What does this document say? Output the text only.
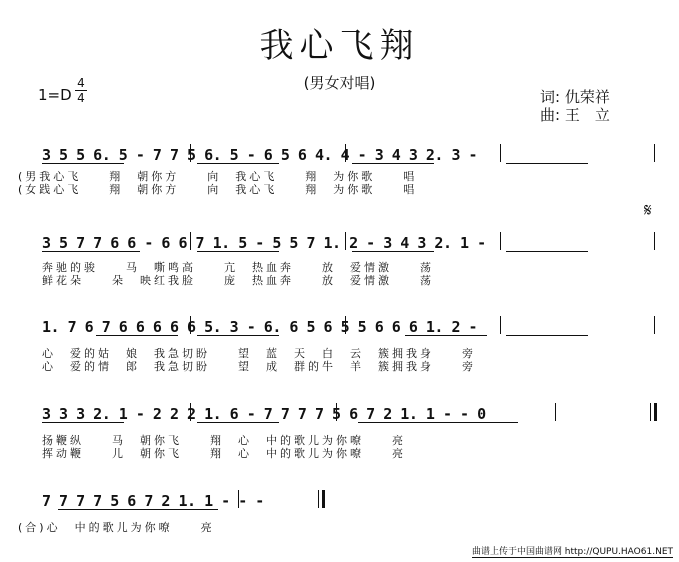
我心飞翔
(男女对唱)
1=D
4
4	词: 仇荣祥
曲: 王　立
3 5 5 6. 5 - 7 7 5 6. 5 - 6 5 6 4. 4 - 3 4 3 2. 3 -
(男我心飞　　翔　朝你方　　向　我心飞　　翔　为你歌　　唱
(女践心飞　　翔　朝你方　　向　我心飞　　翔　为你歌　　唱
𝄋
3 5 7 7 6 6 - 6 6 7 1. 5 - 5 5 7 1. 2 - 3 4 3 2. 1 -
奔驰的骏　　马　嘶鸣高　　亢　热血奔　　放　爱情激　　荡
鲜花朵　　朵　映红我脸　　庞　热血奔　　放　爱情激　　荡
1. 7 6 7 6 6 6 6 6 5. 3 - 6. 6 5 6 5 5 6 6 6 1. 2 -
心　爱的姑　娘　我急切盼　　望　蓝　天　白　云　簇拥我身　　旁
心　爱的情　郎　我急切盼　　望　成　群的牛　羊　簇拥我身　　旁
3 3 3 2. 1 - 2 2 2 1. 6 - 7 7 7 7 5 6 7 2 1. 1 - - 0
扬鞭纵　　马　朝你飞　　翔　心　中的歌儿为你嘹　　亮
挥动鞭　　儿　朝你飞　　翔　心　中的歌儿为你嘹　　亮
7 7 7 7 5 6 7 2 1. 1 - - -
(合)心　中的歌儿为你嘹　　亮
曲谱上传于中国曲谱网 http://QUPU.HAO61.NET
